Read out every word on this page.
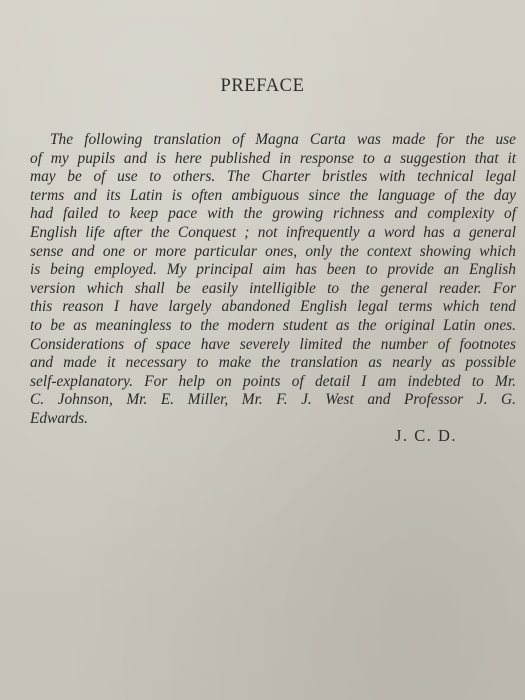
PREFACE
The following translation of Magna Carta was made for the use
of my pupils and is here published in response to a suggestion that it
may be of use to others. The Charter bristles with technical legal
terms and its Latin is often ambiguous since the language of the day
had failed to keep pace with the growing richness and complexity of
English life after the Conquest ; not infrequently a word has a general
sense and one or more particular ones, only the context showing which
is being employed. My principal aim has been to provide an English
version which shall be easily intelligible to the general reader. For
this reason I have largely abandoned English legal terms which tend
to be as meaningless to the modern student as the original Latin ones.
Considerations of space have severely limited the number of footnotes
and made it necessary to make the translation as nearly as possible
self-explanatory. For help on points of detail I am indebted to Mr.
C. Johnson, Mr. E. Miller, Mr. F. J. West and Professor J. G.
Edwards.
J. C. D.
